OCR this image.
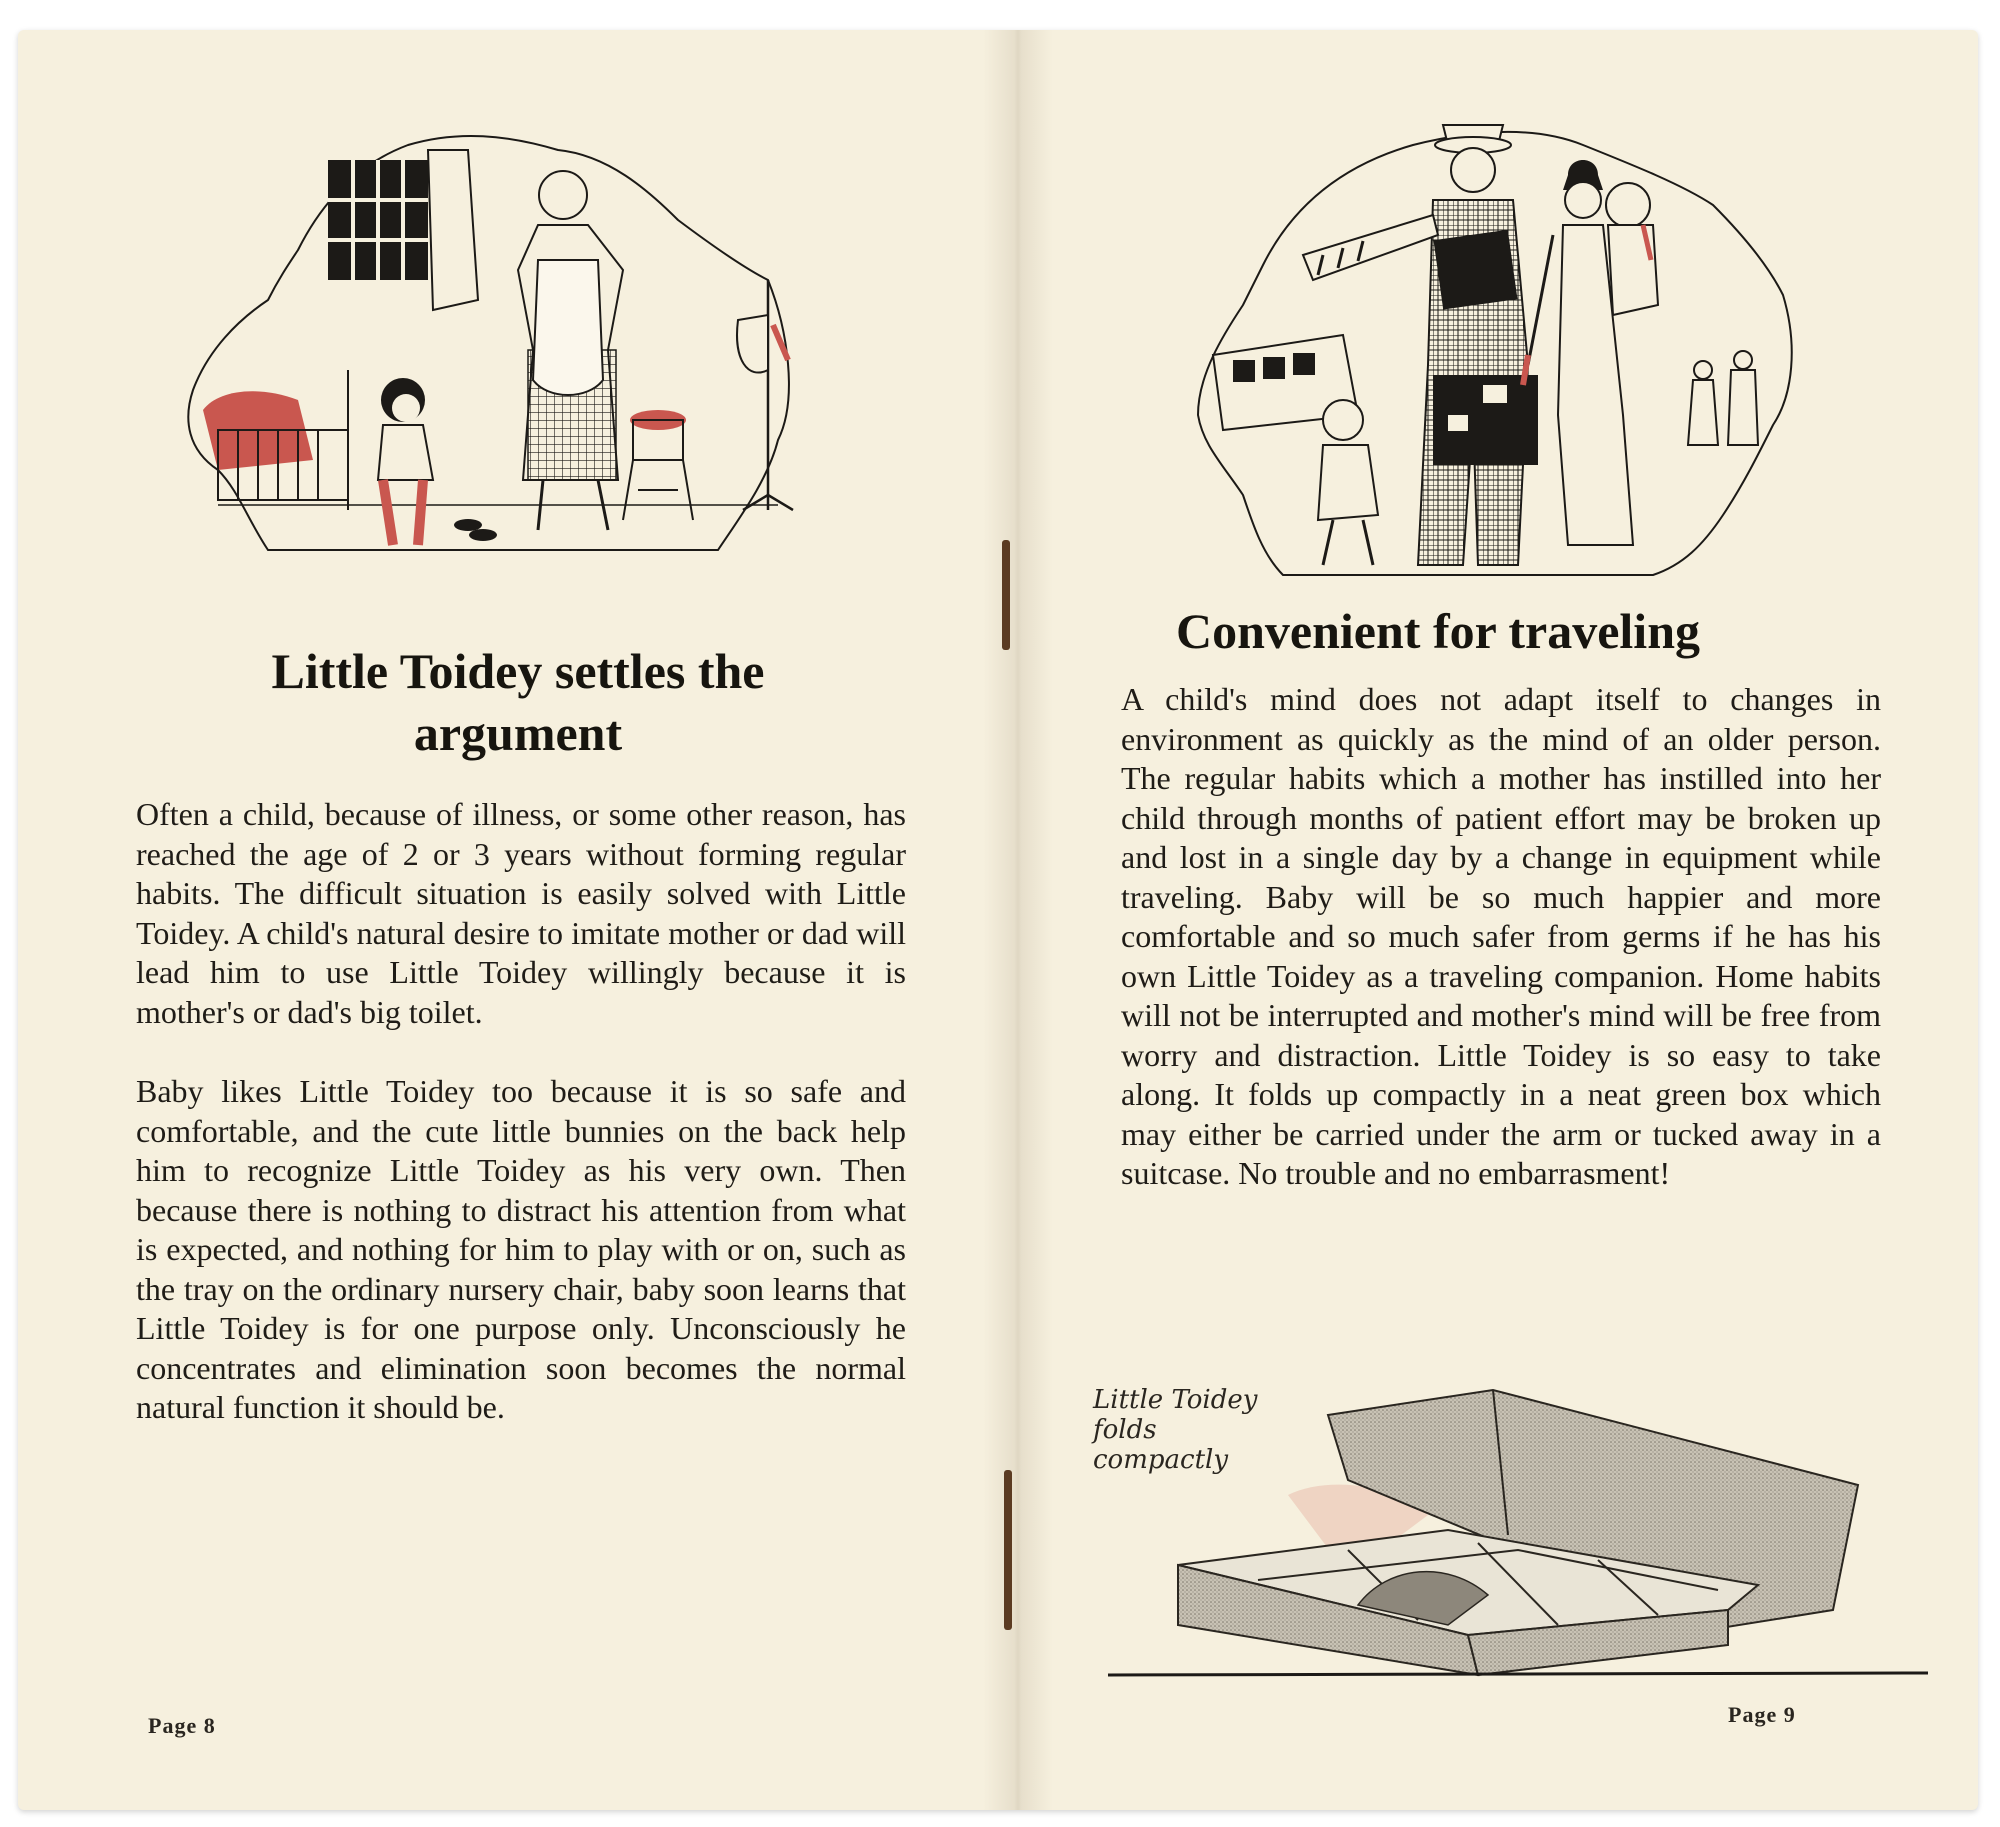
Little Toidey settles the argument

Often a child, because of illness, or some other reason, has reached the age of 2 or 3 years without forming regular habits. The difficult situation is easily solved with Little Toidey. A child's natural desire to imitate mother or dad will lead him to use Little Toidey willingly because it is mother's or dad's big toilet.

Baby likes Little Toidey too because it is so safe and comfortable, and the cute little bunnies on the back help him to recognize Little Toidey as his very own. Then because there is nothing to distract his attention from what is expected, and nothing for him to play with or on, such as the tray on the ordinary nursery chair, baby soon learns that Little Toidey is for one purpose only. Unconsciously he concentrates and elimination soon becomes the normal natural function it should be.

Page 8
Convenient for traveling

A child's mind does not adapt itself to changes in environment as quickly as the mind of an older person. The regular habits which a mother has instilled into her child through months of patient effort may be broken up and lost in a single day by a change in equipment while traveling. Baby will be so much happier and more comfortable and so much safer from germs if he has his own Little Toidey as a traveling companion. Home habits will not be interrupted and mother's mind will be free from worry and distraction. Little Toidey is so easy to take along. It folds up compactly in a neat green box which may either be carried under the arm or tucked away in a suitcase. No trouble and no embarrasment!

Little Toidey
folds
compactly
Page 9
